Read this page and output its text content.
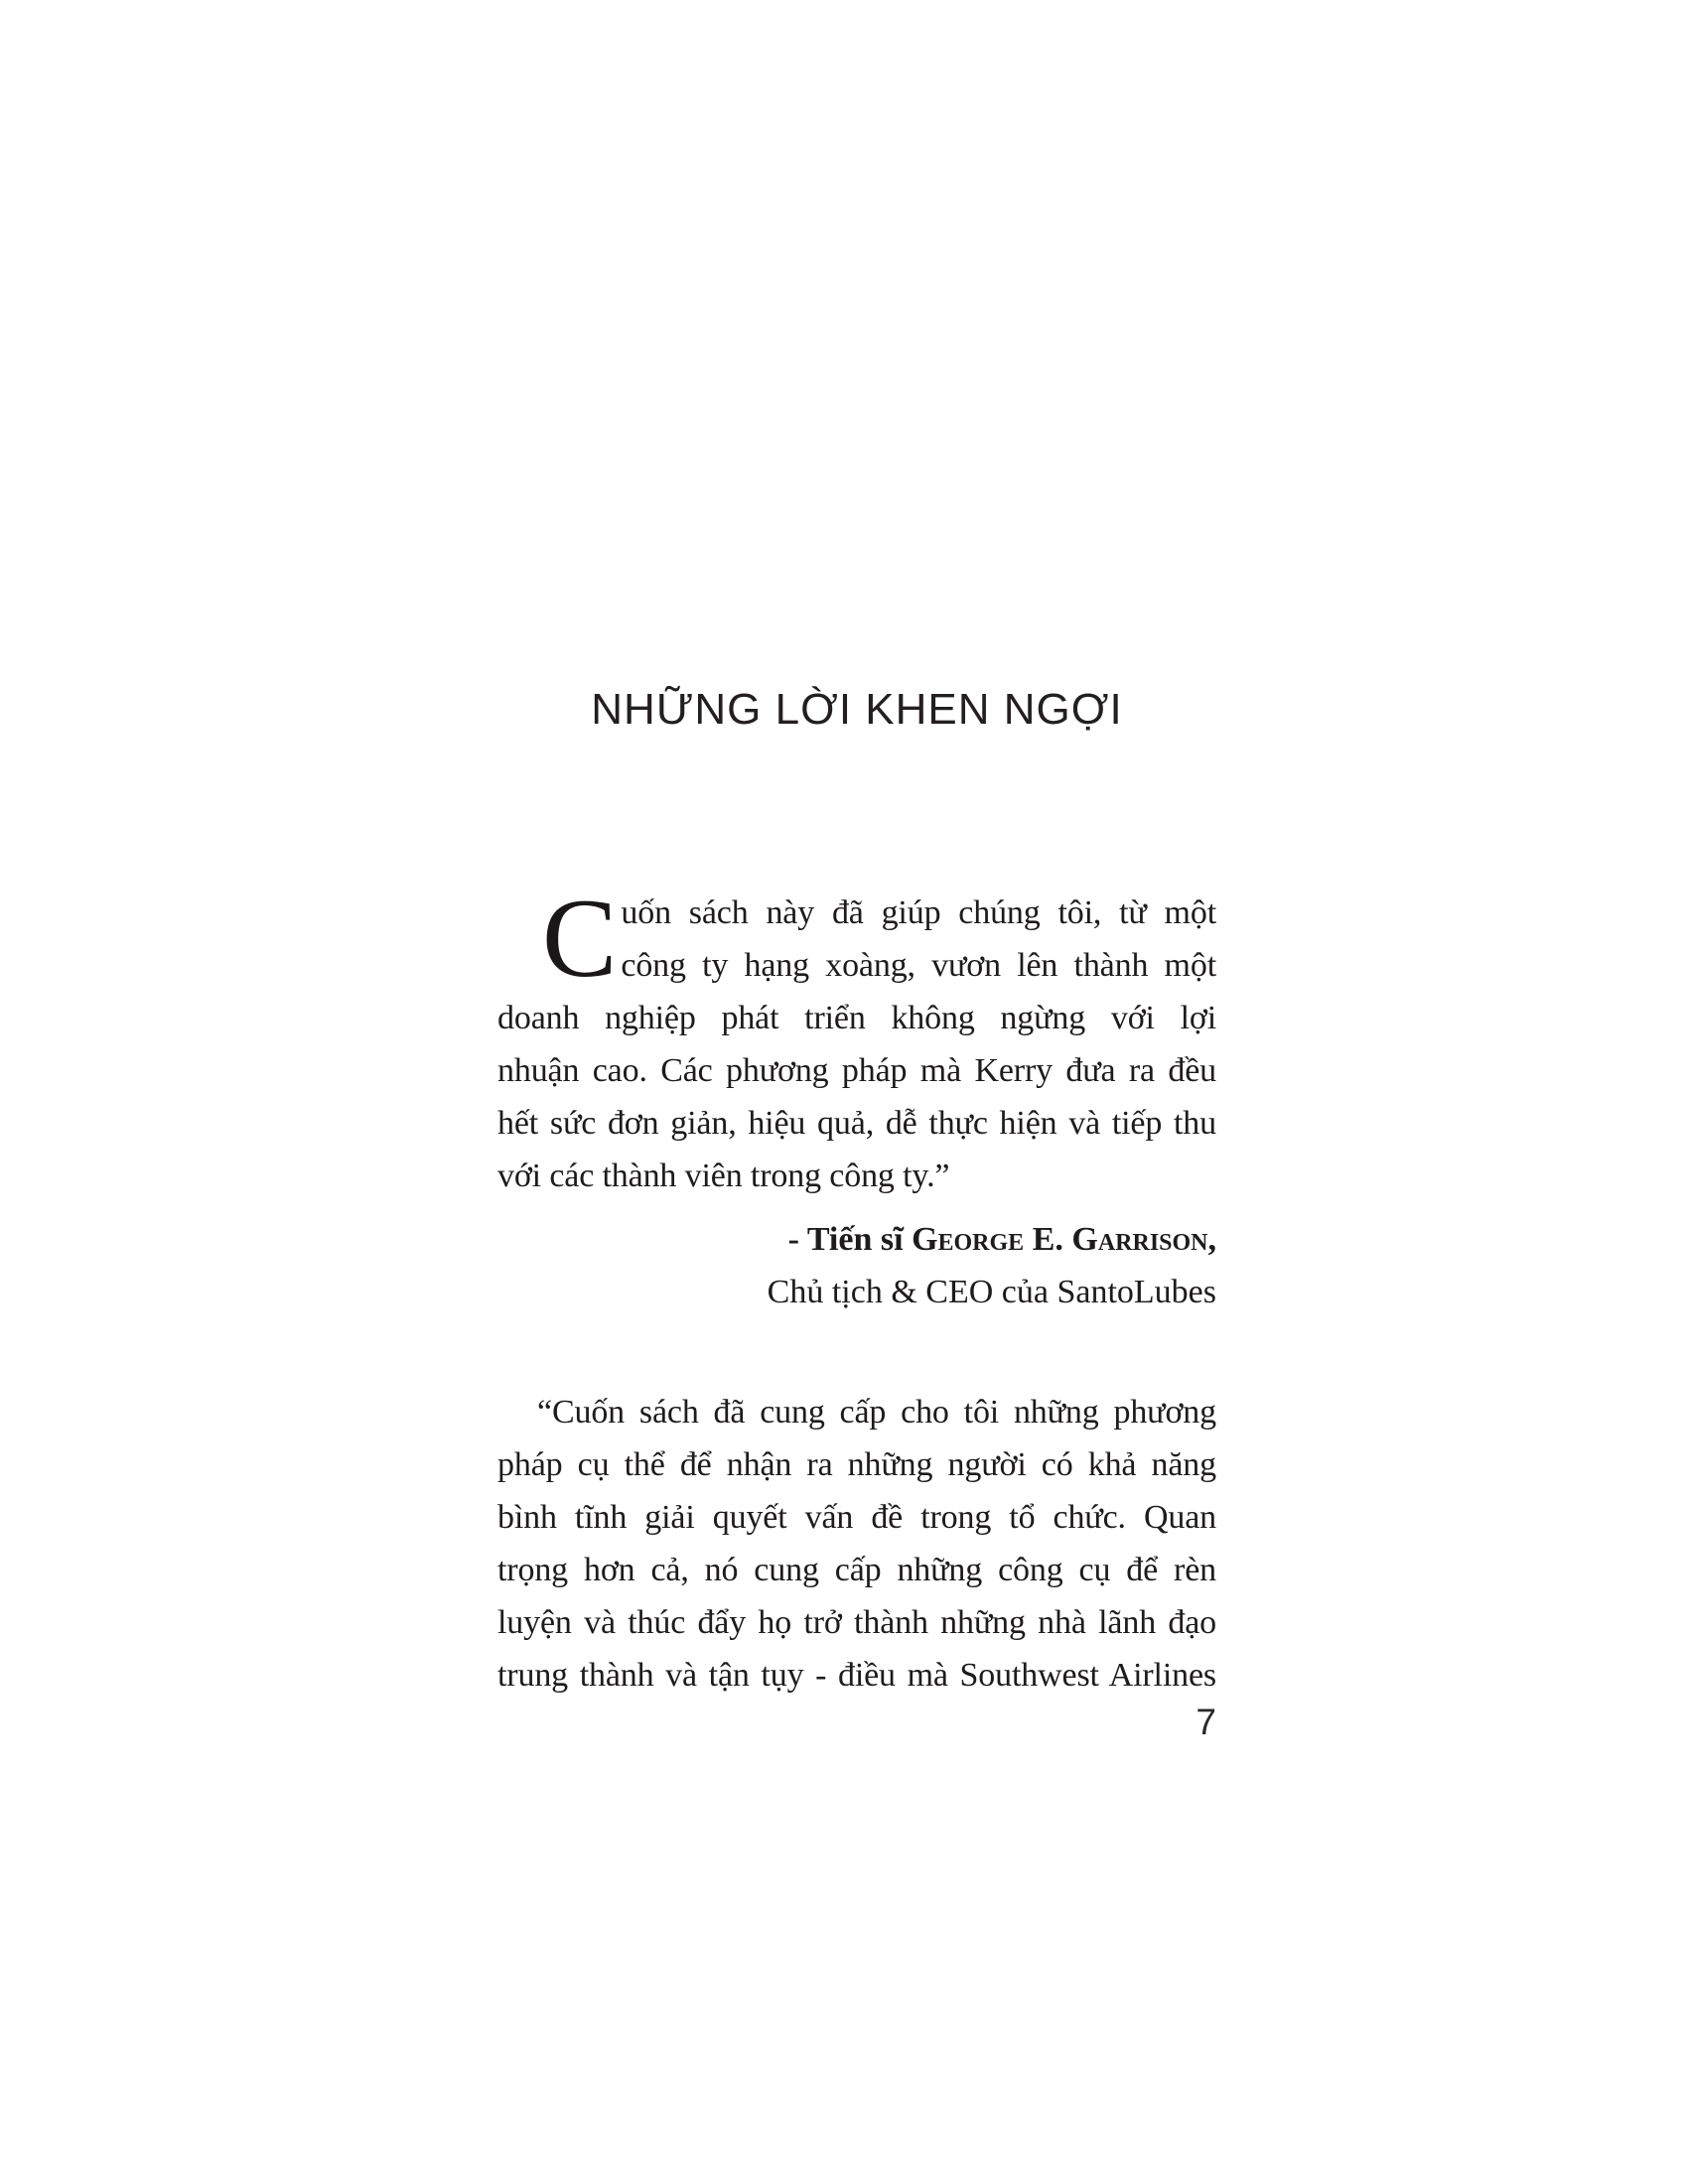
NHỮNG LỜI KHEN NGỢI
C uốn sách này đã giúp chúng tôi, từ một
công ty hạng xoàng, vươn lên thành một
doanh nghiệp phát triển không ngừng với lợi
nhuận cao. Các phương pháp mà Kerry đưa ra đều
hết sức đơn giản, hiệu quả, dễ thực hiện và tiếp thu
với các thành viên trong công ty.”
- Tiến sĩ George E. Garrison,
Chủ tịch & CEO của SantoLubes
“Cuốn sách đã cung cấp cho tôi những phương
pháp cụ thể để nhận ra những người có khả năng
bình tĩnh giải quyết vấn đề trong tổ chức. Quan
trọng hơn cả, nó cung cấp những công cụ để rèn
luyện và thúc đẩy họ trở thành những nhà lãnh đạo
trung thành và tận tụy - điều mà Southwest Airlines
7
